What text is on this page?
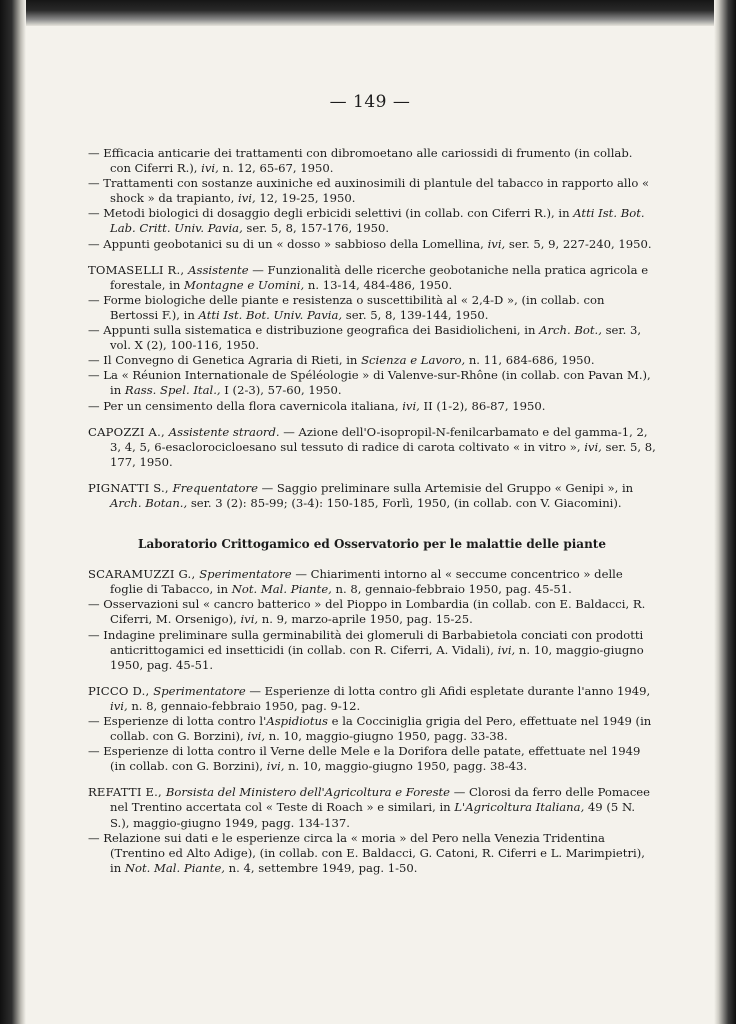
— 149 —
— Efficacia anticarie dei trattamenti con dibromoetano alle cariossidi di frumento (in collab. con Ciferri R.), ivi, n. 12, 65-67, 1950.
— Trattamenti con sostanze auxiniche ed auxinosimili di plantule del tabacco in rapporto allo « shock » da trapianto, ivi, 12, 19-25, 1950.
— Metodi biologici di dosaggio degli erbicidi selettivi (in collab. con Ciferri R.), in Atti Ist. Bot. Lab. Critt. Univ. Pavia, ser. 5, 8, 157-176, 1950.
— Appunti geobotanici su di un « dosso » sabbioso della Lomellina, ivi, ser. 5, 9, 227-240, 1950.
TOMASELLI R., Assistente — Funzionalità delle ricerche geobotaniche nella pratica agricola e forestale, in Montagne e Uomini, n. 13-14, 484-486, 1950.
— Forme biologiche delle piante e resistenza o suscettibilità al « 2,4-D », (in collab. con Bertossi F.), in Atti Ist. Bot. Univ. Pavia, ser. 5, 8, 139-144, 1950.
— Appunti sulla sistematica e distribuzione geografica dei Basidiolicheni, in Arch. Bot., ser. 3, vol. X (2), 100-116, 1950.
— Il Convegno di Genetica Agraria di Rieti, in Scienza e Lavoro, n. 11, 684-686, 1950.
— La « Réunion Internationale de Spéléologie » di Valenve-sur-Rhône (in collab. con Pavan M.), in Rass. Spel. Ital., I (2-3), 57-60, 1950.
— Per un censimento della flora cavernicola italiana, ivi, II (1-2), 86-87, 1950.
CAPOZZI A., Assistente straord. — Azione dell'O-isopropil-N-fenilcarbamato e del gamma-1, 2, 3, 4, 5, 6-esaclorocicloesano sul tessuto di radice di carota coltivato « in vitro », ivi, ser. 5, 8, 177, 1950.
PIGNATTI S., Frequentatore — Saggio preliminare sulla Artemisie del Gruppo « Genipi », in Arch. Botan., ser. 3 (2): 85-99; (3-4): 150-185, Forlì, 1950, (in collab. con V. Giacomini).
Laboratorio Crittogamico ed Osservatorio per le malattie delle piante
SCARAMUZZI G., Sperimentatore — Chiarimenti intorno al « seccume concentrico » delle foglie di Tabacco, in Not. Mal. Piante, n. 8, gennaio-febbraio 1950, pag. 45-51.
— Osservazioni sul « cancro batterico » del Pioppo in Lombardia (in collab. con E. Baldacci, R. Ciferri, M. Orsenigo), ivi, n. 9, marzo-aprile 1950, pag. 15-25.
— Indagine preliminare sulla germinabilità dei glomeruli di Barbabietola conciati con prodotti anticrittogamici ed insetticidi (in collab. con R. Ciferri, A. Vidali), ivi, n. 10, maggio-giugno 1950, pag. 45-51.
PICCO D., Sperimentatore — Esperienze di lotta contro gli Afidi espletate durante l'anno 1949, ivi, n. 8, gennaio-febbraio 1950, pag. 9-12.
— Esperienze di lotta contro l'Aspidiotus e la Cocciniglia grigia del Pero, effettuate nel 1949 (in collab. con G. Borzini), ivi, n. 10, maggio-giugno 1950, pagg. 33-38.
— Esperienze di lotta contro il Verne delle Mele e la Dorifora delle patate, effettuate nel 1949 (in collab. con G. Borzini), ivi, n. 10, maggio-giugno 1950, pagg. 38-43.
REFATTI E., Borsista del Ministero dell'Agricoltura e Foreste — Clorosi da ferro delle Pomacee nel Trentino accertata col « Teste di Roach » e similari, in L'Agricoltura Italiana, 49 (5 N. S.), maggio-giugno 1949, pagg. 134-137.
— Relazione sui dati e le esperienze circa la « moria » del Pero nella Venezia Tridentina (Trentino ed Alto Adige), (in collab. con E. Baldacci, G. Catoni, R. Ciferri e L. Marimpietri), in Not. Mal. Piante, n. 4, settembre 1949, pag. 1-50.
